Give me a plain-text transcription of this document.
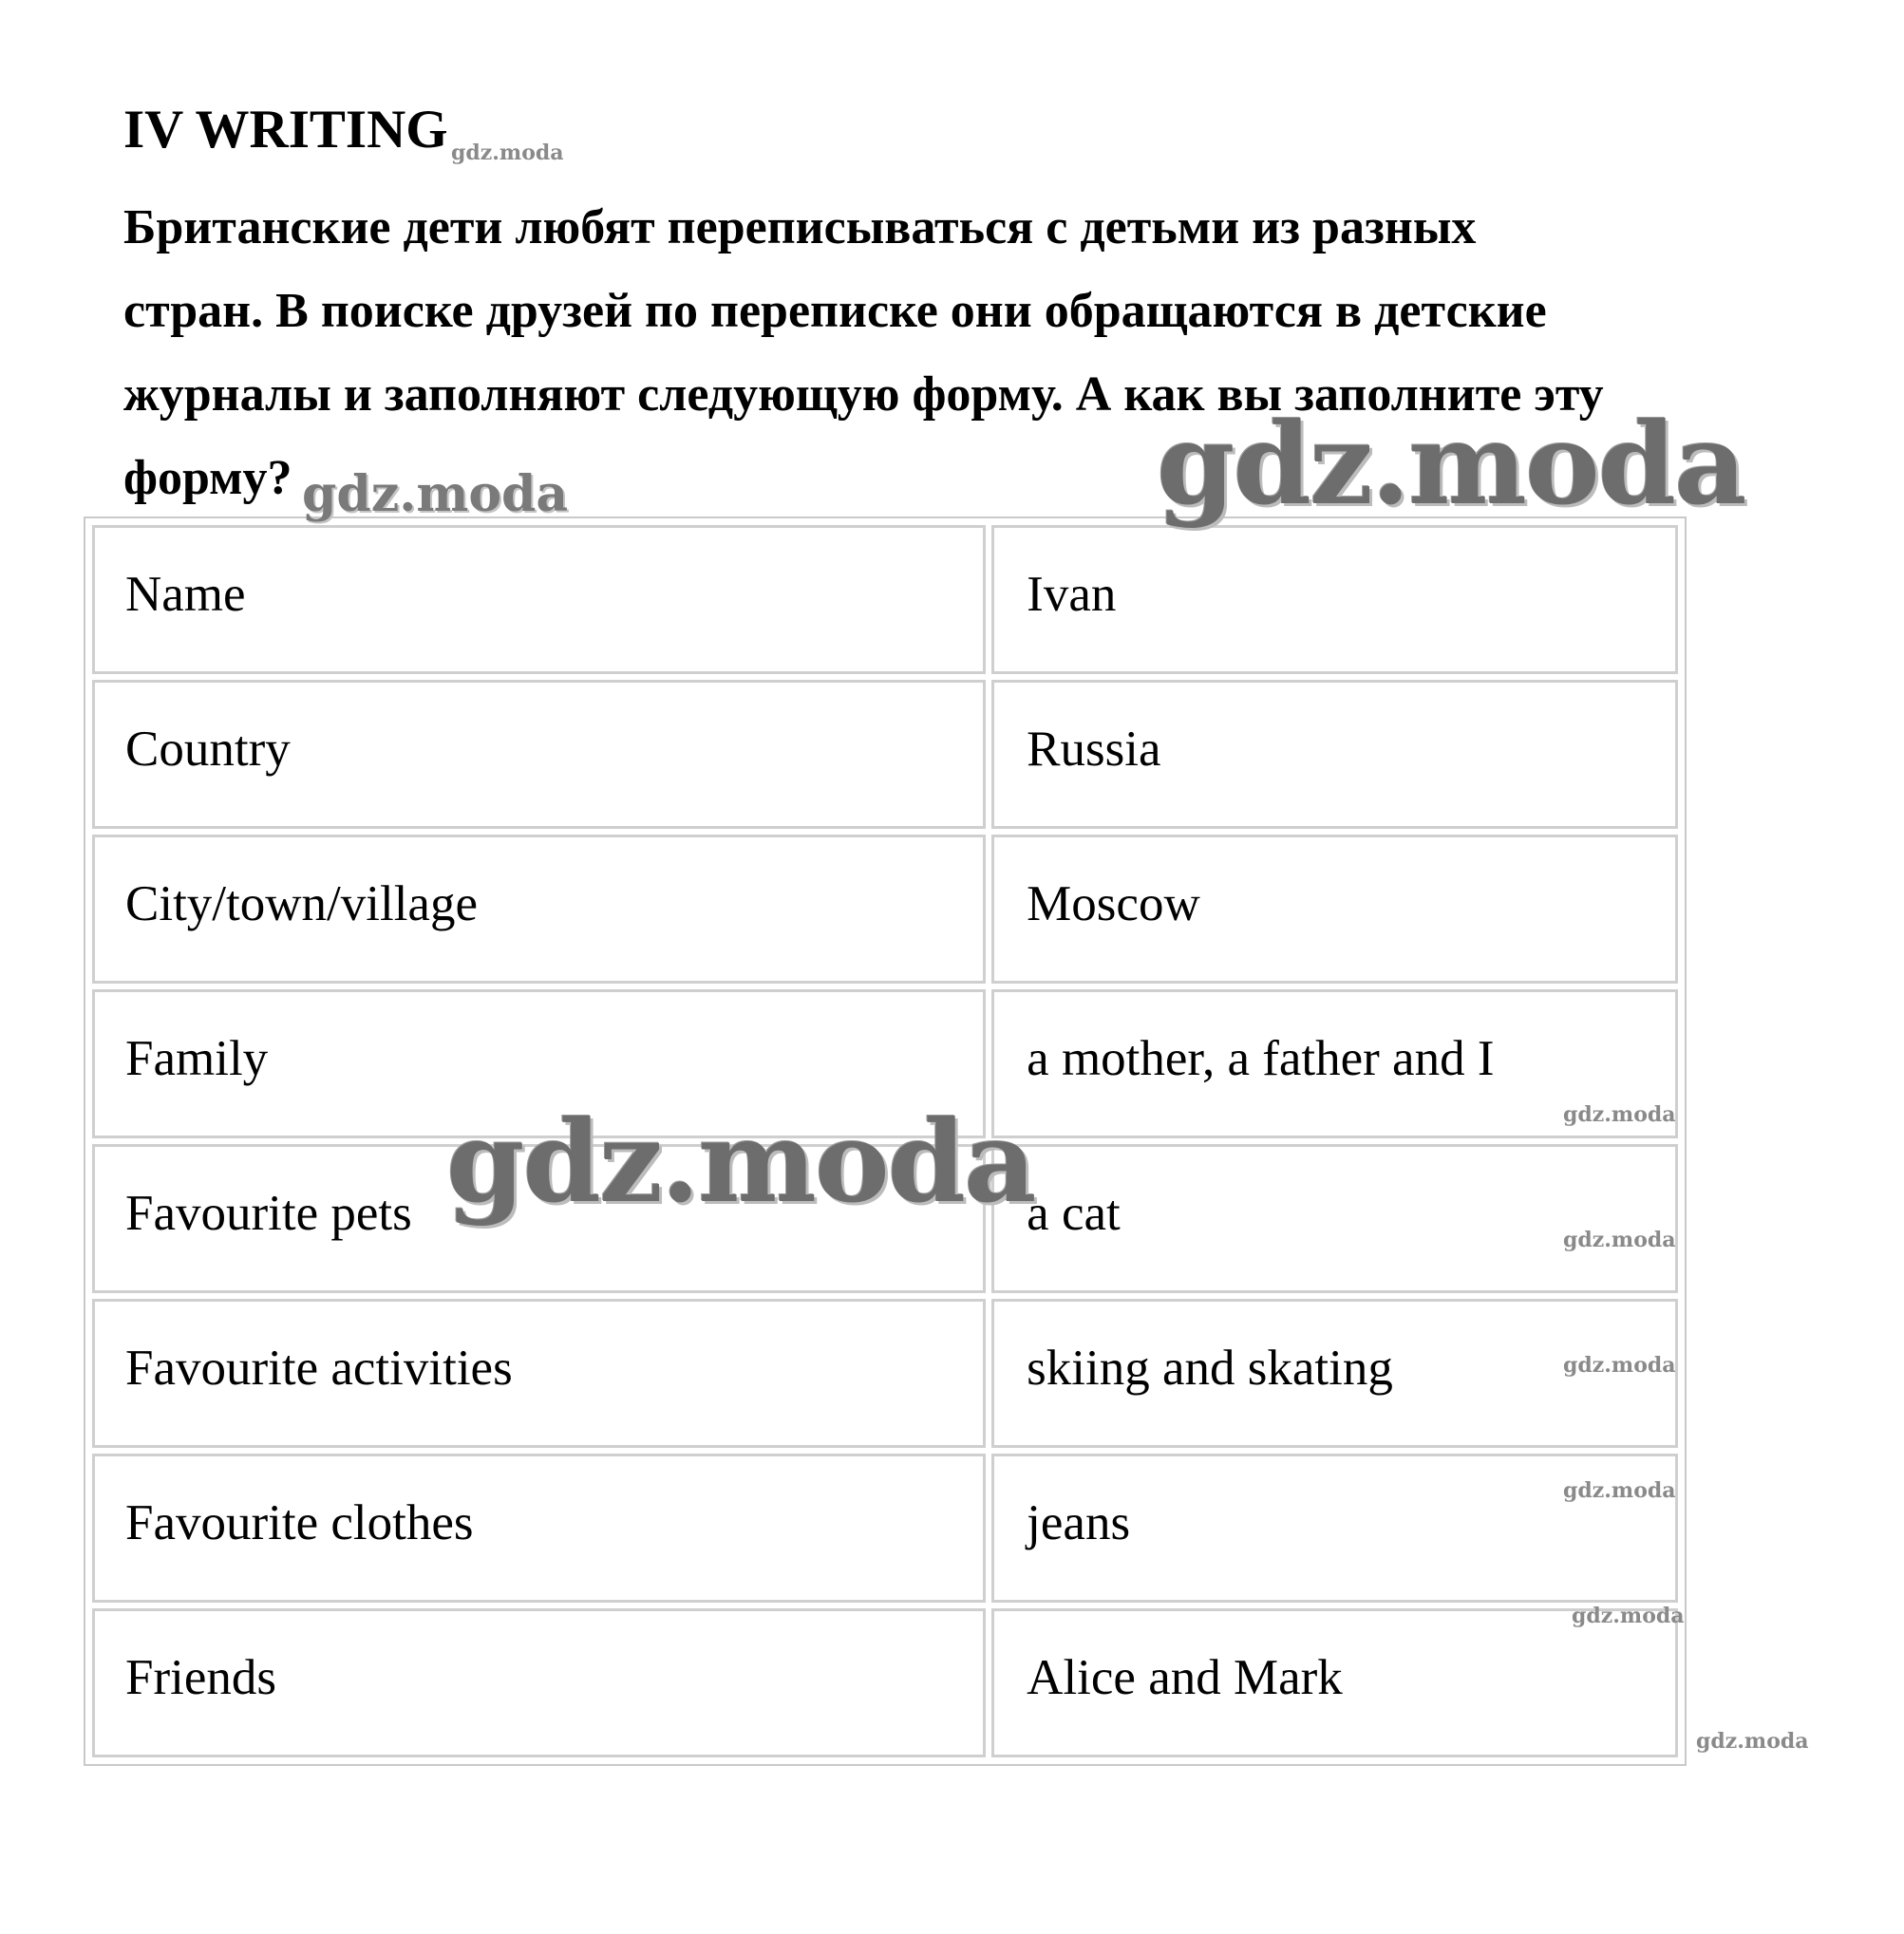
IV WRITING
Британские дети любят переписываться с детьми из разных
стран. В поиске друзей по переписке они обращаются в детские
журналы и заполняют следующую форму. А как вы заполните эту
форму?
Name	Ivan
Country	Russia
City/town/village	Moscow
Family	a mother, a father and I
Favourite pets	a cat
Favourite activities	skiing and skating
Favourite clothes	jeans
Friends	Alice and Mark
gdz.moda
gdz.moda	gdz.moda
gdz.moda	gdz.moda
gdz.moda
gdz.moda
gdz.moda
gdz.moda
gdz.moda
